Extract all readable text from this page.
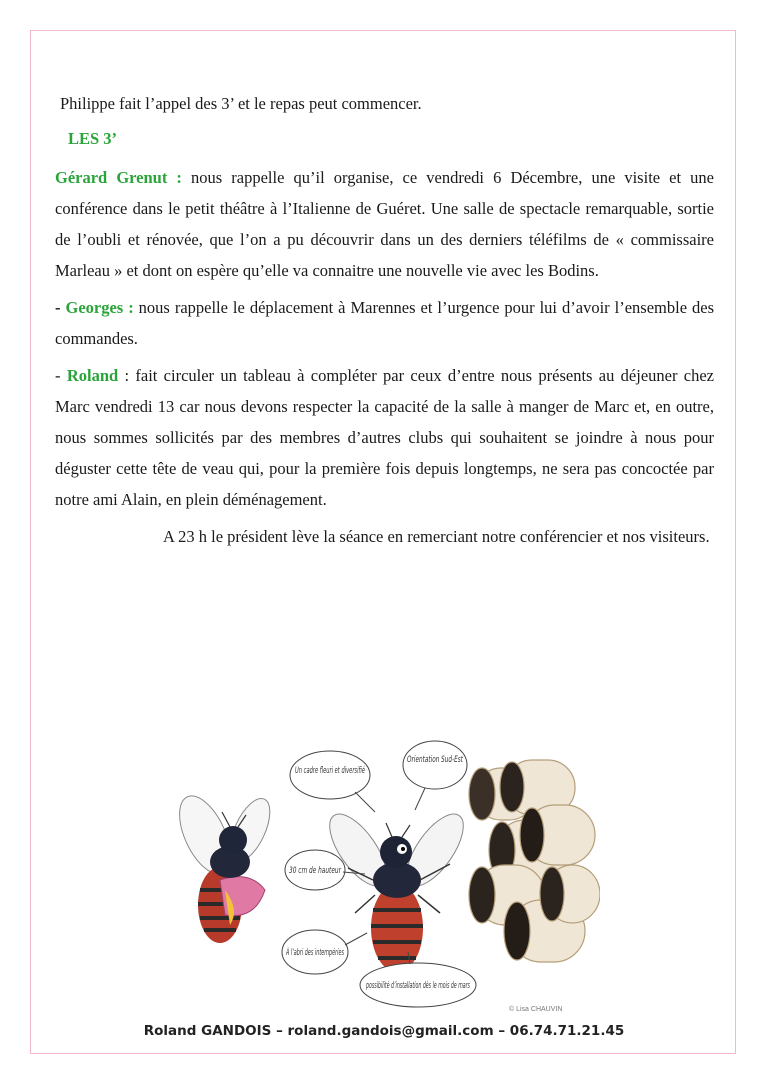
Philippe fait l’appel des 3’ et le repas peut commencer.

LES 3’

Gérard Grenut : nous rappelle qu’il organise, ce vendredi 6 Décembre, une visite et une conférence dans le petit théâtre à l’Italienne de Guéret. Une salle de spectacle remarquable, sortie de l’oubli et rénovée, que l’on a pu découvrir dans un des derniers téléfilms de « commissaire Marleau » et dont on espère qu’elle va connaitre une nouvelle vie avec les Bodins.

- Georges : nous rappelle le déplacement à Marennes et l’urgence pour lui d’avoir l’ensemble des commandes.

- Roland : fait circuler un tableau à compléter par ceux d’entre nous présents au déjeuner chez Marc vendredi 13 car nous devons respecter la capacité de la salle à manger de Marc et, en outre, nous sommes sollicités par des membres d’autres clubs qui souhaitent se joindre à nous pour déguster cette tête de veau qui, pour la première fois depuis longtemps, ne sera pas concoctée par notre ami Alain, en plein déménagement.

A 23 h le président lève la séance en remerciant notre conférencier et nos visiteurs.

Un cadre fleuri et diversifié
Orientation Sud-Est
30 cm de hauteur
À l’abri des intempéries
possibilité d’installation dès le mois de mars
© Lisa CHAUVIN
Roland GANDOIS – roland.gandois@gmail.com – 06.74.71.21.45
